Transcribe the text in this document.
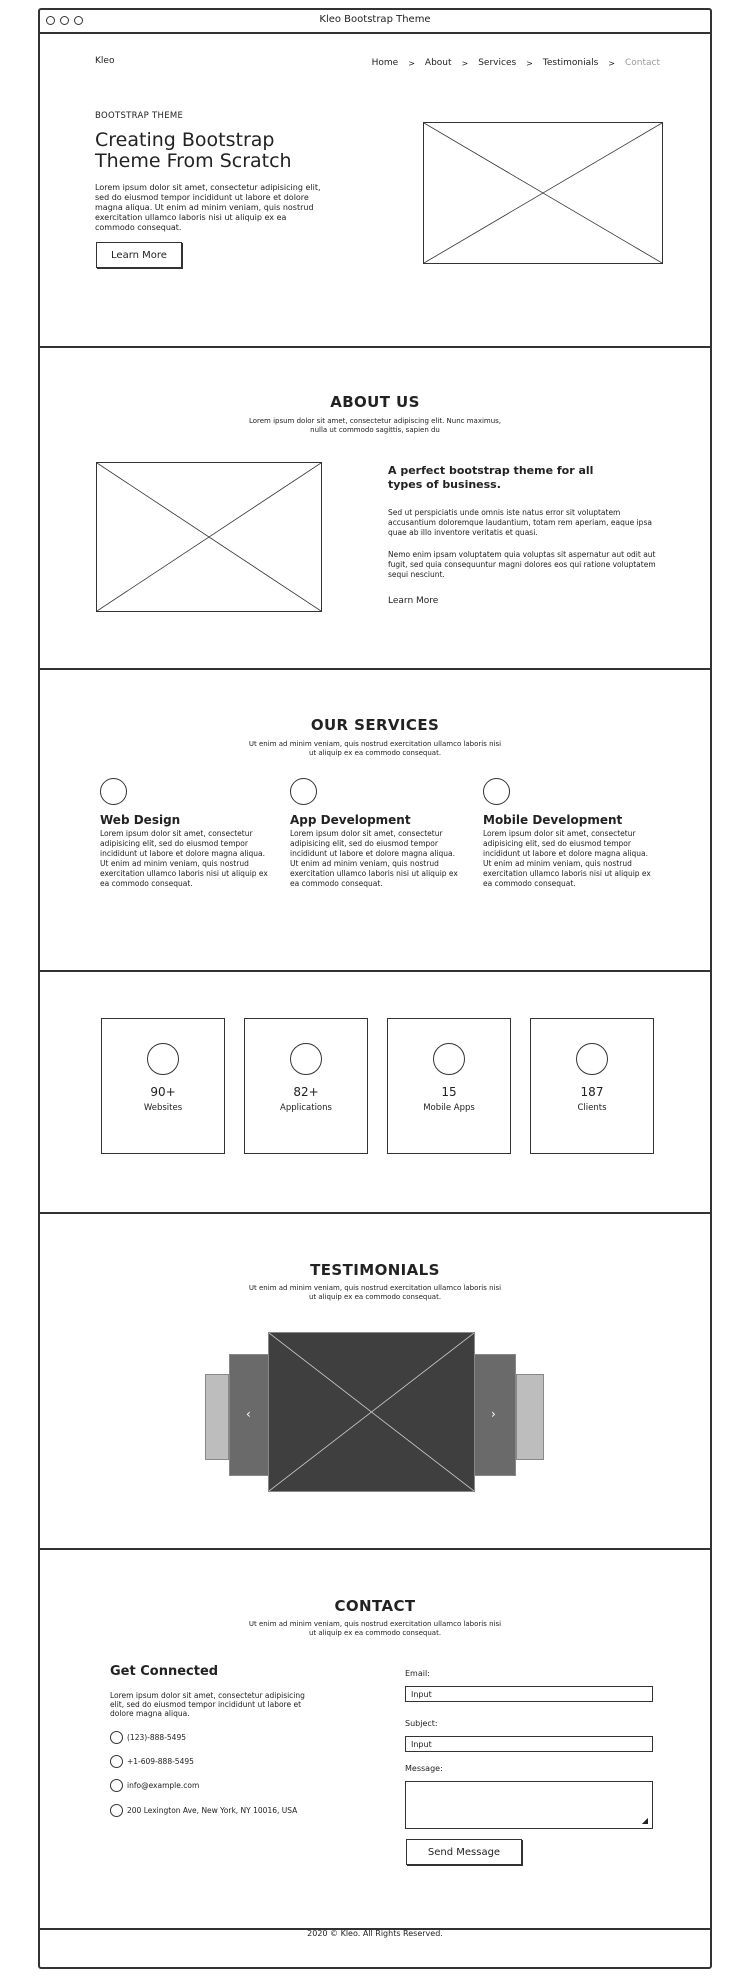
Kleo Bootstrap Theme
Kleo	Home > About > Services > Testimonials > Contact
BOOTSTRAP THEME
Creating Bootstrap Theme From Scratch
Lorem ipsum dolor sit amet, consectetur adipisicing elit, sed do eiusmod tempor incididunt ut labore et dolore magna aliqua. Ut enim ad minim veniam, quis nostrud exercitation ullamco laboris nisi ut aliquip ex ea commodo consequat.
Learn More
ABOUT US
Lorem ipsum dolor sit amet, consectetur adipiscing elit. Nunc maximus, nulla ut commodo sagittis, sapien du
A perfect bootstrap theme for all types of business.
Sed ut perspiciatis unde omnis iste natus error sit voluptatem accusantium doloremque laudantium, totam rem aperiam, eaque ipsa quae ab illo inventore veritatis et quasi.
Nemo enim ipsam voluptatem quia voluptas sit aspernatur aut odit aut fugit, sed quia consequuntur magni dolores eos qui ratione voluptatem sequi nesciunt.
Learn More
OUR SERVICES
Ut enim ad minim veniam, quis nostrud exercitation ullamco laboris nisi ut aliquip ex ea commodo consequat.
Web Design
Lorem ipsum dolor sit amet, consectetur adipisicing elit, sed do eiusmod tempor incididunt ut labore et dolore magna aliqua. Ut enim ad minim veniam, quis nostrud exercitation ullamco laboris nisi ut aliquip ex ea commodo consequat.
App Development
Lorem ipsum dolor sit amet, consectetur adipisicing elit, sed do eiusmod tempor incididunt ut labore et dolore magna aliqua. Ut enim ad minim veniam, quis nostrud exercitation ullamco laboris nisi ut aliquip ex ea commodo consequat.
Mobile Development
Lorem ipsum dolor sit amet, consectetur adipisicing elit, sed do eiusmod tempor incididunt ut labore et dolore magna aliqua. Ut enim ad minim veniam, quis nostrud exercitation ullamco laboris nisi ut aliquip ex ea commodo consequat.
90+
Websites
82+
Applications
15
Mobile Apps
187
Clients
TESTIMONIALS
Ut enim ad minim veniam, quis nostrud exercitation ullamco laboris nisi ut aliquip ex ea commodo consequat.
‹	›
CONTACT
Ut enim ad minim veniam, quis nostrud exercitation ullamco laboris nisi ut aliquip ex ea commodo consequat.
Get Connected
Lorem ipsum dolor sit amet, consectetur adipisicing elit, sed do eiusmod tempor incididunt ut labore et dolore magna aliqua.
(123)-888-5495
+1-609-888-5495
info@example.com
200 Lexington Ave, New York, NY 10016, USA
Email:
Input
Subject:
Input
Message:
◢
Send Message
2020 © Kleo. All Rights Reserved.
